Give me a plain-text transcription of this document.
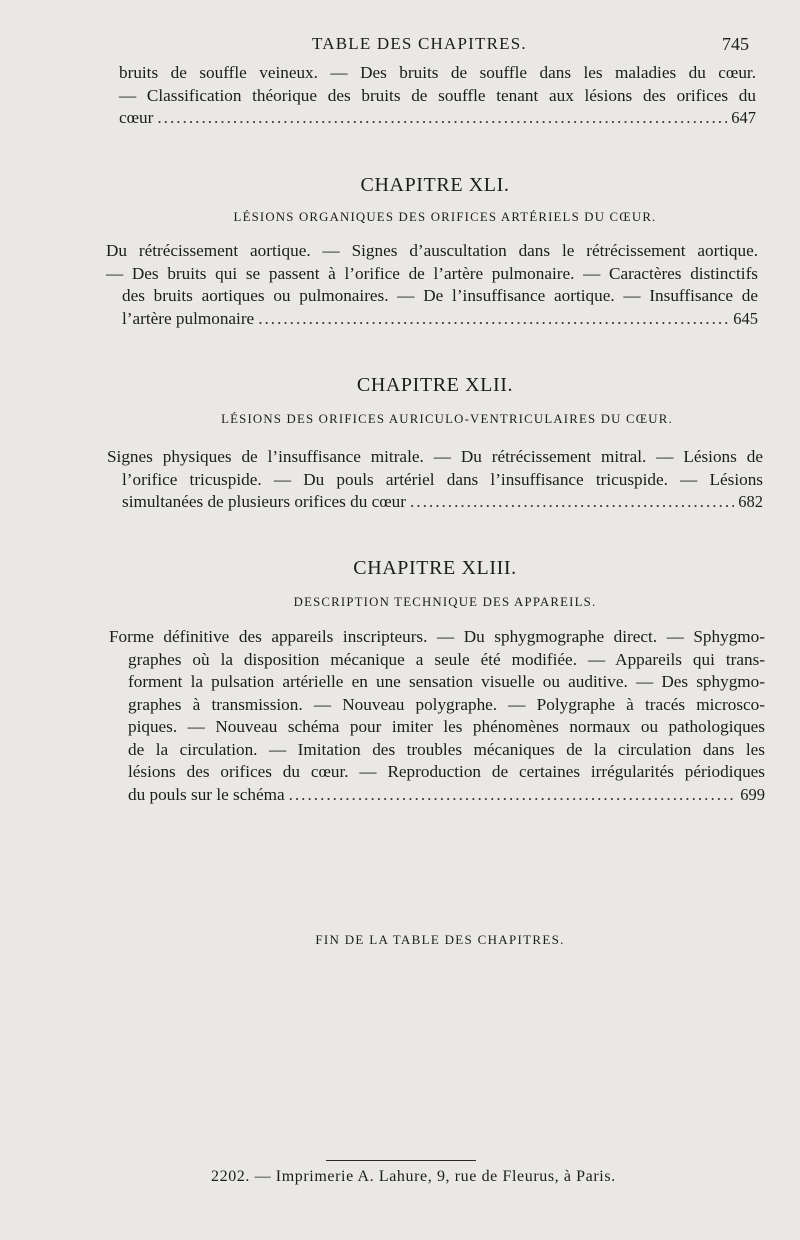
TABLE DES CHAPITRES.	745
bruits de souffle veineux. — Des bruits de souffle dans les maladies du cœur.
— Classification théorique des bruits de souffle tenant aux lésions des orifices du
cœur .....	647
CHAPITRE XLI.
LÉSIONS ORGANIQUES DES ORIFICES ARTÉRIELS DU CŒUR.
Du rétrécissement aortique. — Signes d’auscultation dans le rétrécissement aortique.
— Des bruits qui se passent à l’orifice de l’artère pulmonaire. — Caractères distinctifs
des bruits aortiques ou pulmonaires. — De l’insuffisance aortique. — Insuffisance de
l’artère pulmonaire .....	645
CHAPITRE XLII.
LÉSIONS DES ORIFICES AURICULO-VENTRICULAIRES DU CŒUR.
Signes physiques de l’insuffisance mitrale. — Du rétrécissement mitral. — Lésions de
l’orifice tricuspide. — Du pouls artériel dans l’insuffisance tricuspide. — Lésions
simultanées de plusieurs orifices du cœur .....	682
CHAPITRE XLIII.
DESCRIPTION TECHNIQUE DES APPAREILS.
Forme définitive des appareils inscripteurs. — Du sphygmographe direct. — Sphygmo-
graphes où la disposition mécanique a seule été modifiée. — Appareils qui trans-
forment la pulsation artérielle en une sensation visuelle ou auditive. — Des sphygmo-
graphes à transmission. — Nouveau polygraphe. — Polygraphe à tracés microsco-
piques. — Nouveau schéma pour imiter les phénomènes normaux ou pathologiques
de la circulation. — Imitation des troubles mécaniques de la circulation dans les
lésions des orifices du cœur. — Reproduction de certaines irrégularités périodiques
du pouls sur le schéma .....	699
FIN DE LA TABLE DES CHAPITRES.
2202. — Imprimerie A. Lahure, 9, rue de Fleurus, à Paris.
